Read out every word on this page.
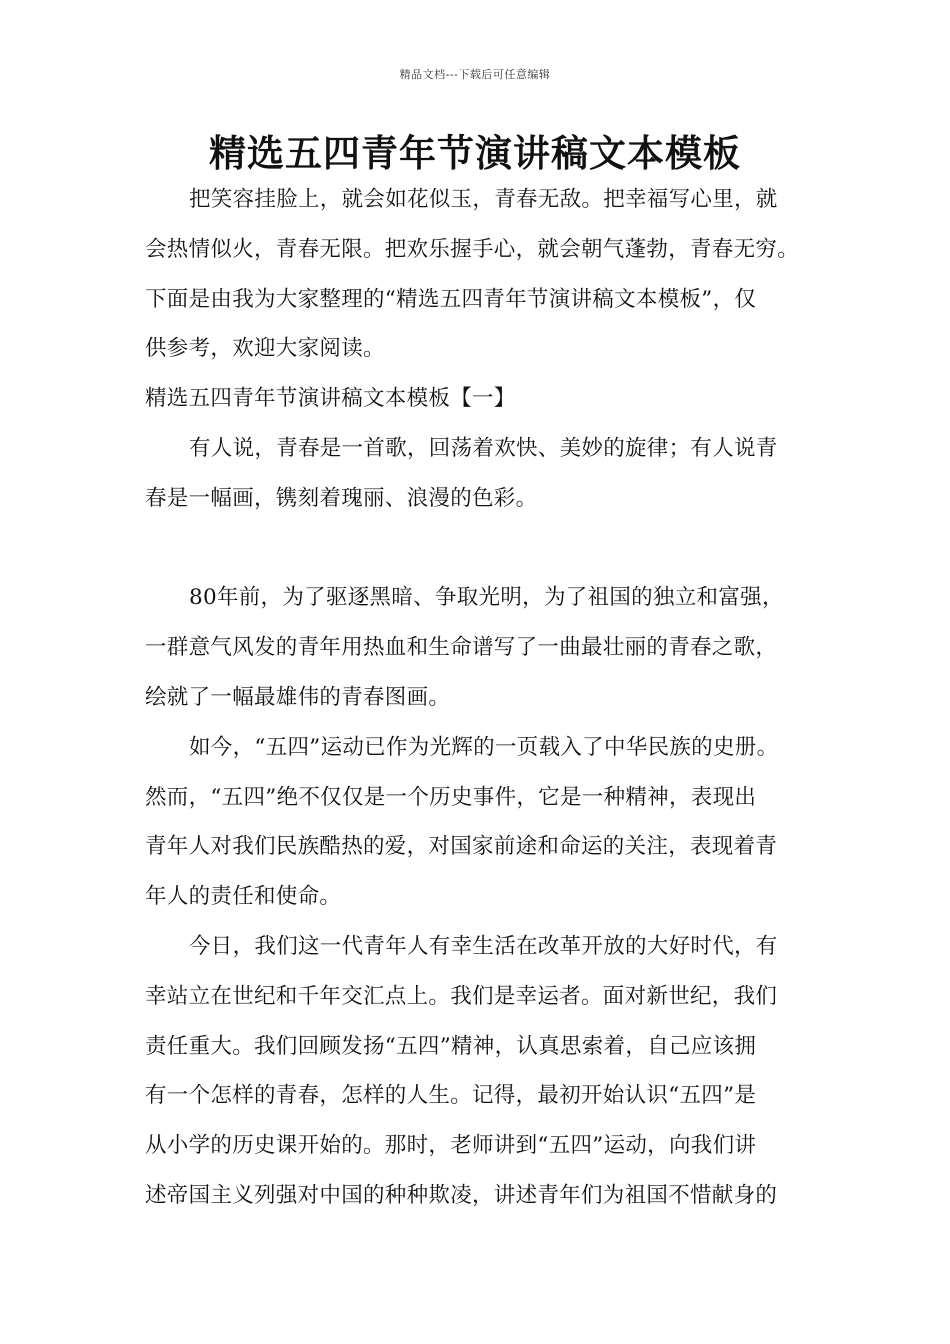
精品文档---下载后可任意编辑
精选五四青年节演讲稿文本模板
把笑容挂脸上，就会如花似玉，青春无敌。把幸福写心里，就
会热情似火，青春无限。把欢乐握手心，就会朝气蓬勃，青春无穷。
下面是由我为大家整理的“精选五四青年节演讲稿文本模板”，仅
供参考，欢迎大家阅读。
精选五四青年节演讲稿文本模板【一】
有人说，青春是一首歌，回荡着欢快、美妙的旋律；有人说青
春是一幅画，镌刻着瑰丽、浪漫的色彩。
80年前，为了驱逐黑暗、争取光明，为了祖国的独立和富强，
一群意气风发的青年用热血和生命谱写了一曲最壮丽的青春之歌，
绘就了一幅最雄伟的青春图画。
如今，“五四”运动已作为光辉的一页载入了中华民族的史册。
然而，“五四”绝不仅仅是一个历史事件，它是一种精神，表现出
青年人对我们民族酷热的爱，对国家前途和命运的关注，表现着青
年人的责任和使命。
今日，我们这一代青年人有幸生活在改革开放的大好时代，有
幸站立在世纪和千年交汇点上。我们是幸运者。面对新世纪，我们
责任重大。我们回顾发扬“五四”精神，认真思索着，自己应该拥
有一个怎样的青春，怎样的人生。记得，最初开始认识“五四”是
从小学的历史课开始的。那时，老师讲到“五四”运动，向我们讲
述帝国主义列强对中国的种种欺凌，讲述青年们为祖国不惜献身的
